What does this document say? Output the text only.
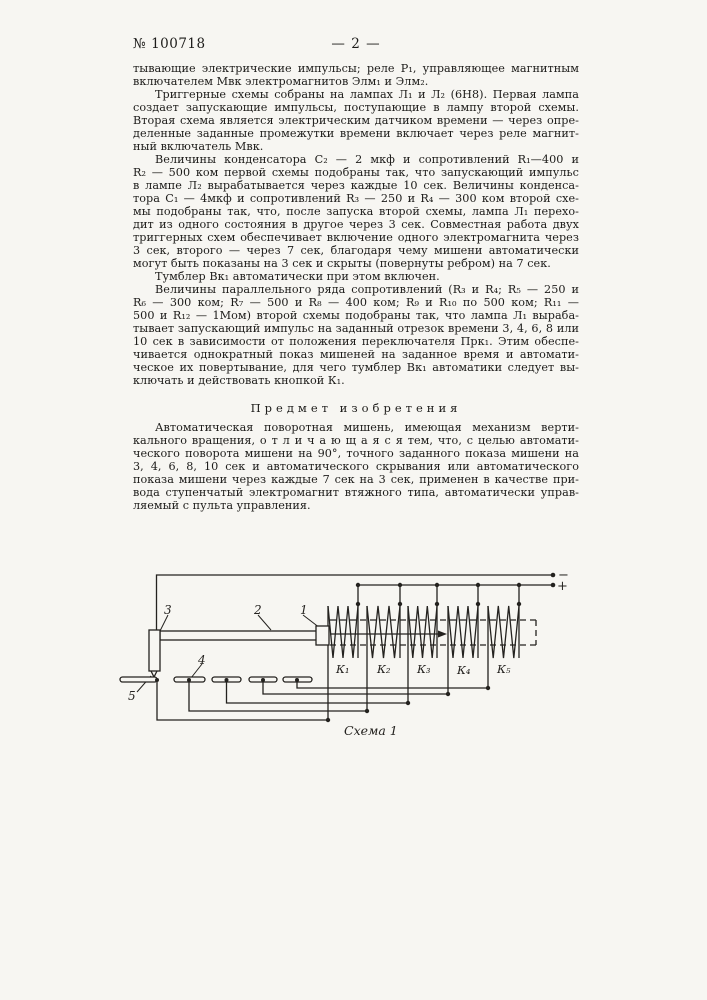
№ 100718	— 2 —
тывающие электрические импульсы; реле Р₁, управляющее магнитным
включателем Мвк электромагнитов Элм₁ и Элм₂.
Триггерные схемы собраны на лампах Л₁ и Л₂ (6Н8). Первая лампа
создает запускающие импульсы, поступающие в лампу второй схемы.
Вторая схема является электрическим датчиком времени — через опре-
деленные заданные промежутки времени включает через реле магнит-
ный включатель Мвк.
Величины конденсатора С₂ — 2 мкф и сопротивлений R₁—400 и
R₂ — 500 ком первой схемы подобраны так, что запускающий импульс
в лампе Л₂ вырабатывается через каждые 10 сек. Величины конденса-
тора С₁ — 4мкф и сопротивлений R₃ — 250 и R₄ — 300 ком второй схе-
мы подобраны так, что, после запуска второй схемы, лампа Л₁ перехо-
дит из одного состояния в другое через 3 сек. Совместная работа двух
триггерных схем обеспечивает включение одного электромагнита через
3 сек, второго — через 7 сек, благодаря чему мишени автоматически
могут быть показаны на 3 сек и скрыты (повернуты ребром) на 7 сек.
Тумблер Вк₁ автоматически при этом включен.
Величины параллельного ряда сопротивлений (R₃ и R₄; R₅ — 250 и
R₆ — 300 ком; R₇ — 500 и R₈ — 400 ком; R₉ и R₁₀ по 500 ком; R₁₁ —
500 и R₁₂ — 1Мом) второй схемы подобраны так, что лампа Л₁ выраба-
тывает запускающий импульс на заданный отрезок времени 3, 4, 6, 8 или
10 сек в зависимости от положения переключателя Прк₁. Этим обеспе-
чивается однократный показ мишеней на заданное время и автомати-
ческое их повертывание, для чего тумблер Вк₁ автоматики следует вы-
ключать и действовать кнопкой К₁.
Предмет изобретения
Автоматическая поворотная мишень, имеющая механизм верти-
кального вращения, о т л и ч а ю щ а я с я тем, что, с целью автомати-
ческого поворота мишени на 90°, точного заданного показа мишени на
3, 4, 6, 8, 10 сек и автоматического скрывания или автоматического
показа мишени через каждые 7 сек на 3 сек, применен в качестве при-
вода ступенчатый электромагнит втяжного типа, автоматически управ-
ляемый с пульта управления.
−
+
3	2	1
4
5
К₁ К₂ К₃ К₄ К₅
Схема 1
